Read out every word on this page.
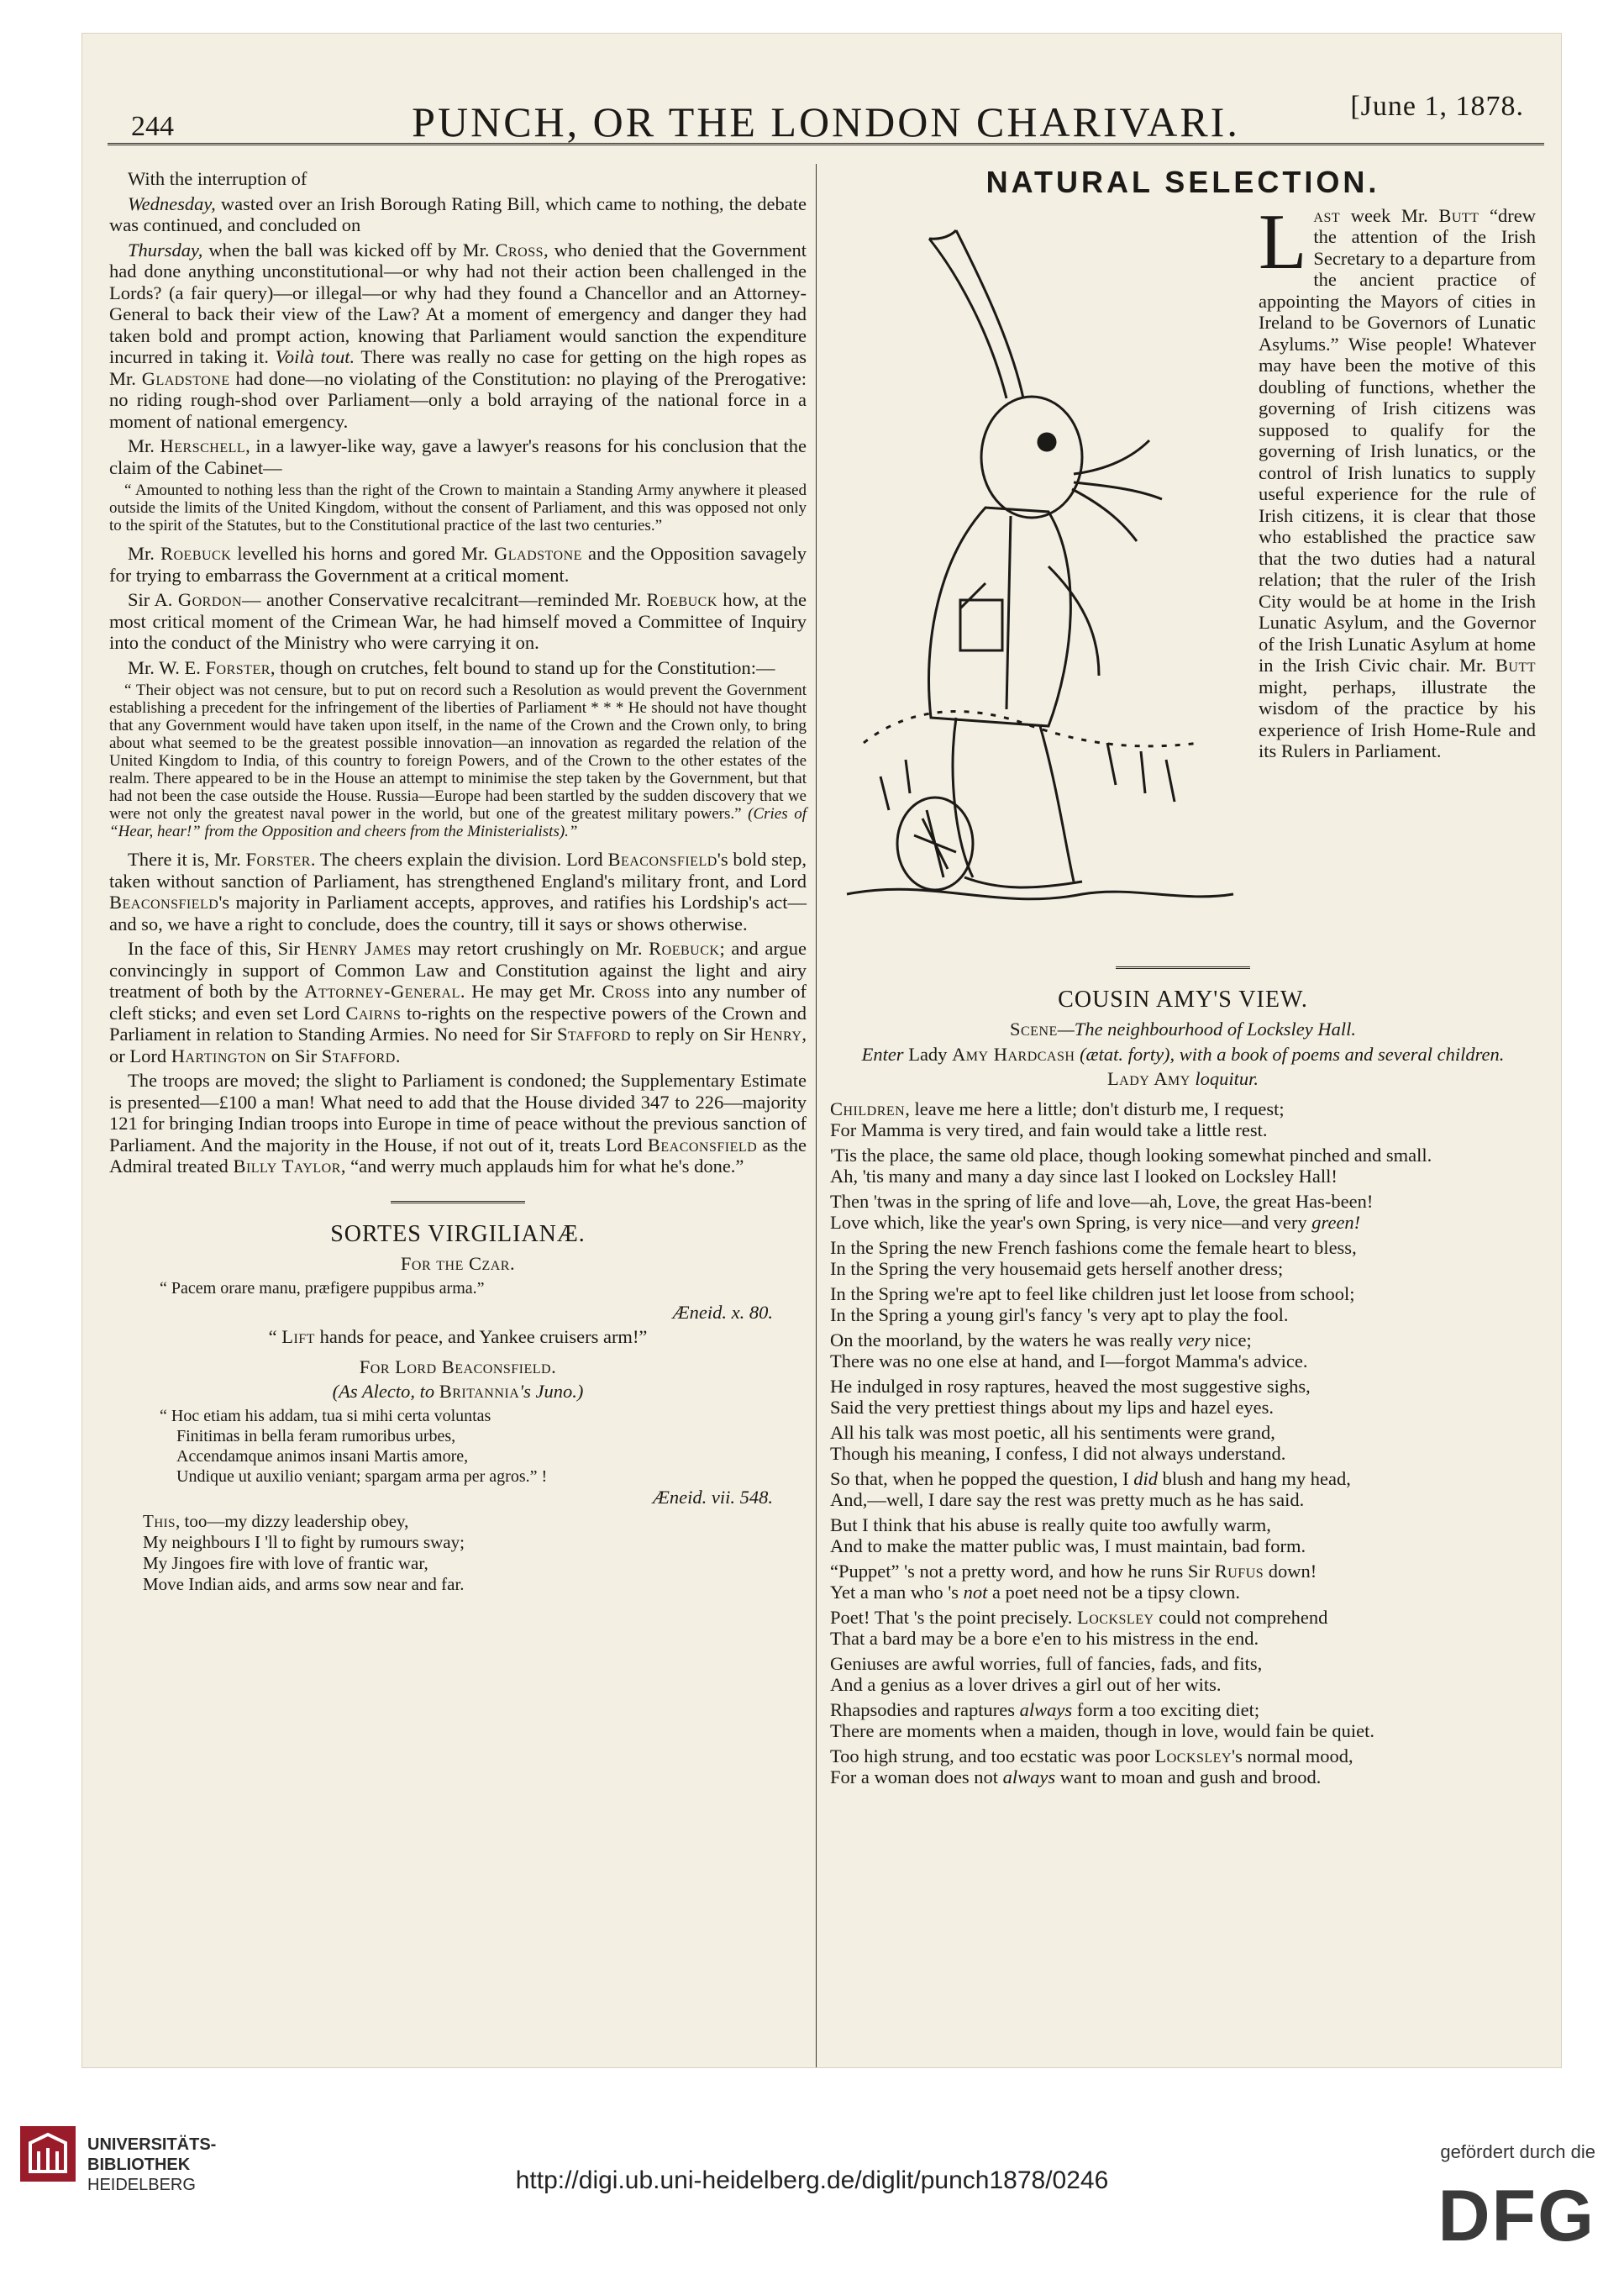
244	PUNCH, OR THE LONDON CHARIVARI.	[June 1, 1878.

With the interruption of

Wednesday, wasted over an Irish Borough Rating Bill, which came to nothing, the debate was continued, and concluded on

Thursday, when the ball was kicked off by Mr. Cross, who denied that the Government had done anything unconstitutional—or why had not their action been challenged in the Lords? (a fair query)—or illegal—or why had they found a Chancellor and an Attorney-General to back their view of the Law? At a moment of emergency and danger they had taken bold and prompt action, knowing that Parliament would sanction the expenditure incurred in taking it. Voilà tout. There was really no case for getting on the high ropes as Mr. Gladstone had done—no violating of the Constitution: no playing of the Prerogative: no riding rough-shod over Parliament—only a bold arraying of the national force in a moment of national emergency.

Mr. Herschell, in a lawyer-like way, gave a lawyer's reasons for his conclusion that the claim of the Cabinet—

“ Amounted to nothing less than the right of the Crown to maintain a Standing Army anywhere it pleased outside the limits of the United Kingdom, without the consent of Parliament, and this was opposed not only to the spirit of the Statutes, but to the Constitutional practice of the last two centuries.”

Mr. Roebuck levelled his horns and gored Mr. Gladstone and the Opposition savagely for trying to embarrass the Government at a critical moment.

Sir A. Gordon— another Conservative recalcitrant—reminded Mr. Roebuck how, at the most critical moment of the Crimean War, he had himself moved a Committee of Inquiry into the conduct of the Ministry who were carrying it on.

Mr. W. E. Forster, though on crutches, felt bound to stand up for the Constitution:—

“ Their object was not censure, but to put on record such a Resolution as would prevent the Government establishing a precedent for the infringement of the liberties of Parliament * * * He should not have thought that any Government would have taken upon itself, in the name of the Crown and the Crown only, to bring about what seemed to be the greatest possible innovation—an innovation as regarded the relation of the United Kingdom to India, of this country to foreign Powers, and of the Crown to the other estates of the realm. There appeared to be in the House an attempt to minimise the step taken by the Government, but that had not been the case outside the House. Russia—Europe had been startled by the sudden discovery that we were not only the greatest naval power in the world, but one of the greatest military powers.” (Cries of “Hear, hear!” from the Opposition and cheers from the Ministerialists).”

There it is, Mr. Forster. The cheers explain the division. Lord Beaconsfield's bold step, taken without sanction of Parliament, has strengthened England's military front, and Lord Beaconsfield's majority in Parliament accepts, approves, and ratifies his Lordship's act—and so, we have a right to conclude, does the country, till it says or shows otherwise.

In the face of this, Sir Henry James may retort crushingly on Mr. Roebuck; and argue convincingly in support of Common Law and Constitution against the light and airy treatment of both by the Attorney-General. He may get Mr. Cross into any number of cleft sticks; and even set Lord Cairns to-rights on the respective powers of the Crown and Parliament in relation to Standing Armies. No need for Sir Stafford to reply on Sir Henry, or Lord Hartington on Sir Stafford.

The troops are moved; the slight to Parliament is condoned; the Supplementary Estimate is presented—£100 a man! What need to add that the House divided 347 to 226—majority 121 for bringing Indian troops into Europe in time of peace without the previous sanction of Parliament. And the majority in the House, if not out of it, treats Lord Beaconsfield as the Admiral treated Billy Taylor, “and werry much applauds him for what he's done.”

SORTES VIRGILIANÆ.

For the Czar.

“ Pacem orare manu, præfigere puppibus arma.”

Æneid. x. 80.

“ Lift hands for peace, and Yankee cruisers arm!”

For Lord Beaconsfield.

(As Alecto, to Britannia's Juno.)

“ Hoc etiam his addam, tua si mihi certa voluntas
Finitimas in bella feram rumoribus urbes,
Accendamque animos insani Martis amore,
Undique ut auxilio veniant; spargam arma per agros.” !

Æneid. vii. 548.

This, too—my dizzy leadership obey,
My neighbours I 'll to fight by rumours sway;
My Jingoes fire with love of frantic war,
Move Indian aids, and arms sow near and far.

NATURAL SELECTION.

Last week Mr. Butt “drew the attention of the Irish Secretary to a departure from the ancient practice of appointing the Mayors of cities in Ireland to be Governors of Lunatic Asylums.” Wise people! Whatever may have been the motive of this doubling of functions, whether the governing of Irish citizens was supposed to qualify for the governing of Irish lunatics, or the control of Irish lunatics to supply useful experience for the rule of Irish citizens, it is clear that those who established the practice saw that the two duties had a natural relation; that the ruler of the Irish City would be at home in the Irish Lunatic Asylum, and the Governor of the Irish Lunatic Asylum at home in the Irish Civic chair. Mr. Butt might, perhaps, illustrate the wisdom of the practice by his experience of Irish Home-Rule and its Rulers in Parliament.

COUSIN AMY'S VIEW.

Scene—The neighbourhood of Locksley Hall.

Enter Lady Amy Hardcash (ætat. forty), with a book of poems and several children.

Lady Amy loquitur.

Children, leave me here a little; don't disturb me, I request;
For Mamma is very tired, and fain would take a little rest.

'Tis the place, the same old place, though looking somewhat pinched and small.
Ah, 'tis many and many a day since last I looked on Locksley Hall!

Then 'twas in the spring of life and love—ah, Love, the great Has-been!
Love which, like the year's own Spring, is very nice—and very green!

In the Spring the new French fashions come the female heart to bless,
In the Spring the very housemaid gets herself another dress;

In the Spring we're apt to feel like children just let loose from school;
In the Spring a young girl's fancy 's very apt to play the fool.

On the moorland, by the waters he was really very nice;
There was no one else at hand, and I—forgot Mamma's advice.

He indulged in rosy raptures, heaved the most suggestive sighs,
Said the very prettiest things about my lips and hazel eyes.

All his talk was most poetic, all his sentiments were grand,
Though his meaning, I confess, I did not always understand.

So that, when he popped the question, I did blush and hang my head,
And,—well, I dare say the rest was pretty much as he has said.

But I think that his abuse is really quite too awfully warm,
And to make the matter public was, I must maintain, bad form.

“Puppet” 's not a pretty word, and how he runs Sir Rufus down!
Yet a man who 's not a poet need not be a tipsy clown.

Poet! That 's the point precisely. Locksley could not comprehend
That a bard may be a bore e'en to his mistress in the end.

Geniuses are awful worries, full of fancies, fads, and fits,
And a genius as a lover drives a girl out of her wits.

Rhapsodies and raptures always form a too exciting diet;
There are moments when a maiden, though in love, would fain be quiet.

Too high strung, and too ecstatic was poor Locksley's normal mood,
For a woman does not always want to moan and gush and brood.

UNIVERSITÄTS-
BIBLIOTHEK
HEIDELBERG	http://digi.ub.uni-heidelberg.de/diglit/punch1878/0246
gefördert durch die
DFG
